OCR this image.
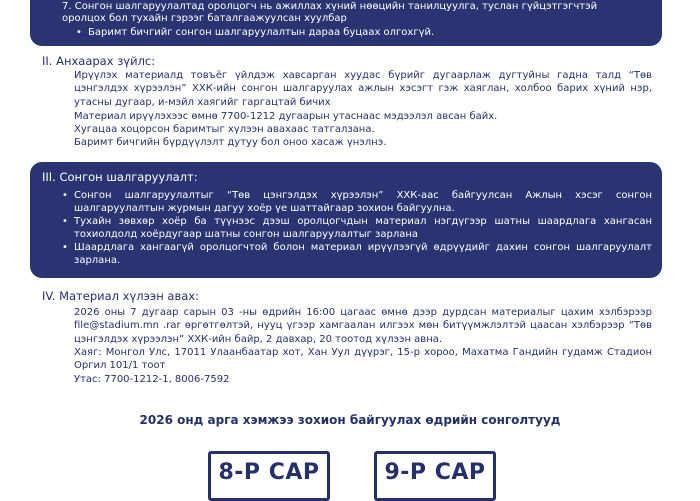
7. Сонгон шалгаруулалтад оролцогч нь ажиллах хүний нөөцийн танилцуулга, туслан гүйцэтгэгчтэй

оролцох бол тухайн гэрээг баталгаажуулсан хуулбар

• Баримт бичгийг сонгон шалгаруулалтын дараа буцаах олгохгүй.

II. Анхаарах зүйлс:
Ирүүлэх материалд товъёг үйлдэж хавсарган хуудас бүрийг дугаарлаж дугтуйны гадна талд “Төв цэнгэлдэх хүрээлэн” ХХК-ийн сонгон шалгаруулах ажлын хэсэгт гэж хаяглан, холбоо барих хүний нэр, утасны дугаар, и-мэйл хаягийг гаргацтай бичих
Материал ирүүлэхээс өмнө 7700-1212 дугаарын утаснаас мэдээлэл авсан байх.
Хугацаа хоцорсон баримтыг хүлээн авахаас татгалзана.
Баримт бичгийн бүрдүүлэлт дутуу бол оноо хасаж үнэлнэ.
III. Сонгон шалгаруулалт:

• Сонгон шалгаруулалтыг “Төв цэнгэлдэх хүрээлэн” ХХК-аас байгуулсан Ажлын хэсэг сонгон шалгаруулалтын журмын дагуу хоёр үе шаттайгаар зохион байгуулна.

• Тухайн зөвхөр хоёр ба түүнээс дээш оролцогчдын материал нэгдүгээр шатны шаардлага хангасан тохиолдолд хоёрдугаар шатны сонгон шалгаруулалтыг зарлана

• Шаардлага хангаагүй оролцогчтой болон материал ирүүлээгүй өдрүүдийг дахин сонгон шалгаруулалт зарлана.

IV. Материал хүлээн авах:
2026 оны 7 дугаар сарын 03 -ны өдрийн 16:00 цагаас өмнө дээр дурдсан материалыг цахим хэлбэрээр file@stadium.mn .rar өргөтгөлтэй, нууц үгээр хамгаалан илгээх мөн битүүмжлэлтэй цаасан хэлбэрээр “Төв цэнгэлдэх хүрээлэн” ХХК-ийн байр, 2 давхар, 20 тоотод хүлээн авна.
Хаяг: Монгол Улс, 17011 Улаанбаатар хот, Хан Уул дүүрэг, 15-р хороо, Махатма Гандийн гудамж Стадион Оргил 101/1 тоот
Утас: 7700-1212-1, 8006-7592
2026 онд арга хэмжээ зохион байгуулах өдрийн сонголтууд
8-Р САР	9-Р САР
